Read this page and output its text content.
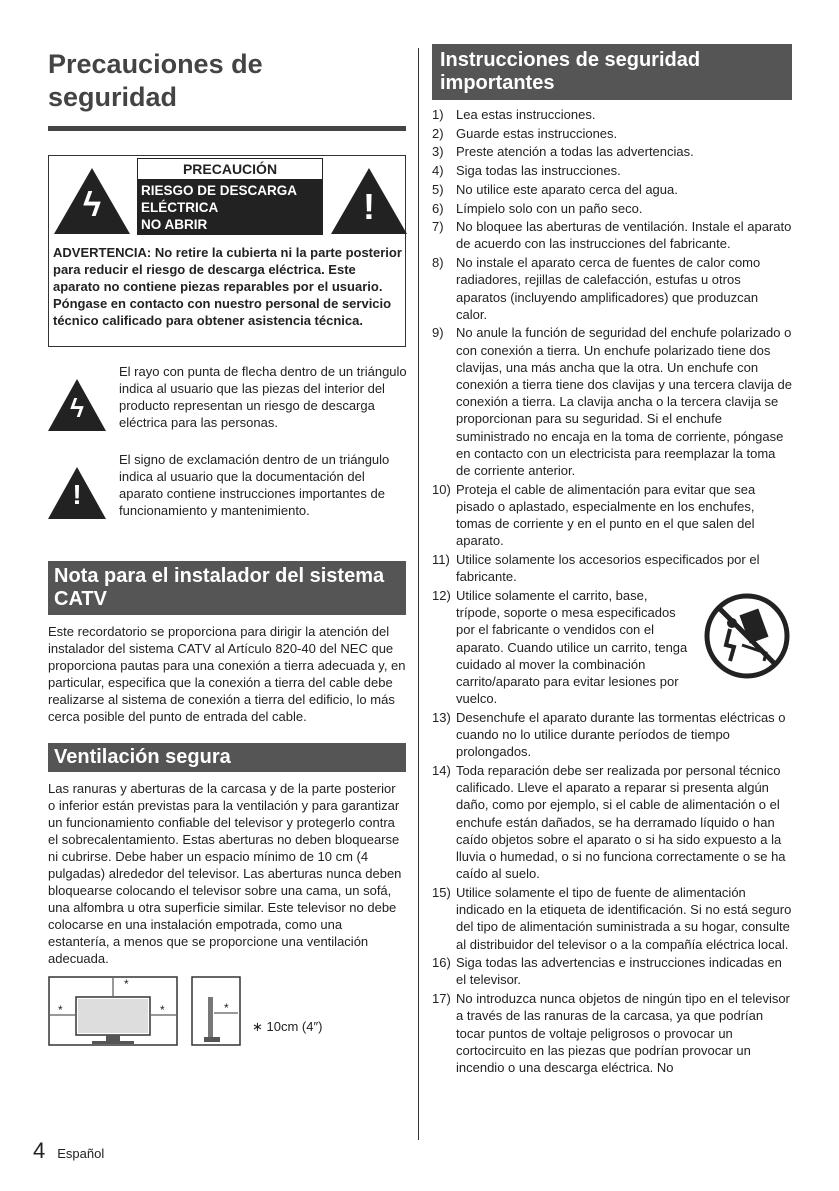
Precauciones de
seguridad
ϟ
PRECAUCIÓN
RIESGO DE DESCARGA
ELÉCTRICA
NO ABRIR	!
ADVERTENCIA: No retire la cubierta ni la parte posterior para reducir el riesgo de descarga eléctrica. Este aparato no contiene piezas reparables por el usuario. Póngase en contacto con nuestro personal de servicio técnico calificado para obtener asistencia técnica.
ϟ
El rayo con punta de flecha dentro de un triángulo indica al usuario que las piezas del interior del producto representan un riesgo de descarga eléctrica para las personas.
!
El signo de exclamación dentro de un triángulo indica al usuario que la documentación del aparato contiene instrucciones importantes de funcionamiento y mantenimiento.
Nota para el instalador del sistema CATV
Este recordatorio se proporciona para dirigir la atención del instalador del sistema CATV al Artículo 820-40 del NEC que proporciona pautas para una conexión a tierra adecuada y, en particular, especifica que la conexión a tierra del cable debe realizarse al sistema de conexión a tierra del edificio, lo más cerca posible del punto de entrada del cable.
Ventilación segura
Las ranuras y aberturas de la carcasa y de la parte posterior o inferior están previstas para la ventilación y para garantizar un funcionamiento confiable del televisor y protegerlo contra el sobrecalentamiento. Estas aberturas no deben bloquearse ni cubrirse. Debe haber un espacio mínimo de 10 cm (4 pulgadas) alrededor del televisor. Las aberturas nunca deben bloquearse colocando el televisor sobre una cama, un sofá, una alfombra u otra superficie similar. Este televisor no debe colocarse en una instalación empotrada, como una estantería, a menos que se proporcione una ventilación adecuada.
*
*	*	*
∗ 10cm (4″)
Instrucciones de seguridad importantes
1) Lea estas instrucciones.
2) Guarde estas instrucciones.
3) Preste atención a todas las advertencias.
4) Siga todas las instrucciones.
5) No utilice este aparato cerca del agua.
6) Límpielo solo con un paño seco.
7) No bloquee las aberturas de ventilación. Instale el aparato de acuerdo con las instrucciones del fabricante.
8) No instale el aparato cerca de fuentes de calor como radiadores, rejillas de calefacción, estufas u otros aparatos (incluyendo amplificadores) que produzcan calor.
9) No anule la función de seguridad del enchufe polarizado o con conexión a tierra. Un enchufe polarizado tiene dos clavijas, una más ancha que la otra. Un enchufe con conexión a tierra tiene dos clavijas y una tercera clavija de conexión a tierra. La clavija ancha o la tercera clavija se proporcionan para su seguridad. Si el enchufe suministrado no encaja en la toma de corriente, póngase en contacto con un electricista para reemplazar la toma de corriente anterior.
10) Proteja el cable de alimentación para evitar que sea pisado o aplastado, especialmente en los enchufes, tomas de corriente y en el punto en el que salen del aparato.
11) Utilice solamente los accesorios especificados por el fabricante.
12) Utilice solamente el carrito, base, trípode, soporte o mesa especificados por el fabricante o vendidos con el aparato. Cuando utilice un carrito, tenga cuidado al mover la combinación carrito/aparato para evitar lesiones por vuelco.
13) Desenchufe el aparato durante las tormentas eléctricas o cuando no lo utilice durante períodos de tiempo prolongados.
14) Toda reparación debe ser realizada por personal técnico calificado. Lleve el aparato a reparar si presenta algún daño, como por ejemplo, si el cable de alimentación o el enchufe están dañados, se ha derramado líquido o han caído objetos sobre el aparato o si ha sido expuesto a la lluvia o humedad, o si no funciona correctamente o se ha caído al suelo.
15) Utilice solamente el tipo de fuente de alimentación indicado en la etiqueta de identificación. Si no está seguro del tipo de alimentación suministrada a su hogar, consulte al distribuidor del televisor o a la compañía eléctrica local.
16) Siga todas las advertencias e instrucciones indicadas en el televisor.
17) No introduzca nunca objetos de ningún tipo en el televisor a través de las ranuras de la carcasa, ya que podrían tocar puntos de voltaje peligrosos o provocar un cortocircuito en las piezas que podrían provocar un incendio o una descarga eléctrica. No
4 Español
